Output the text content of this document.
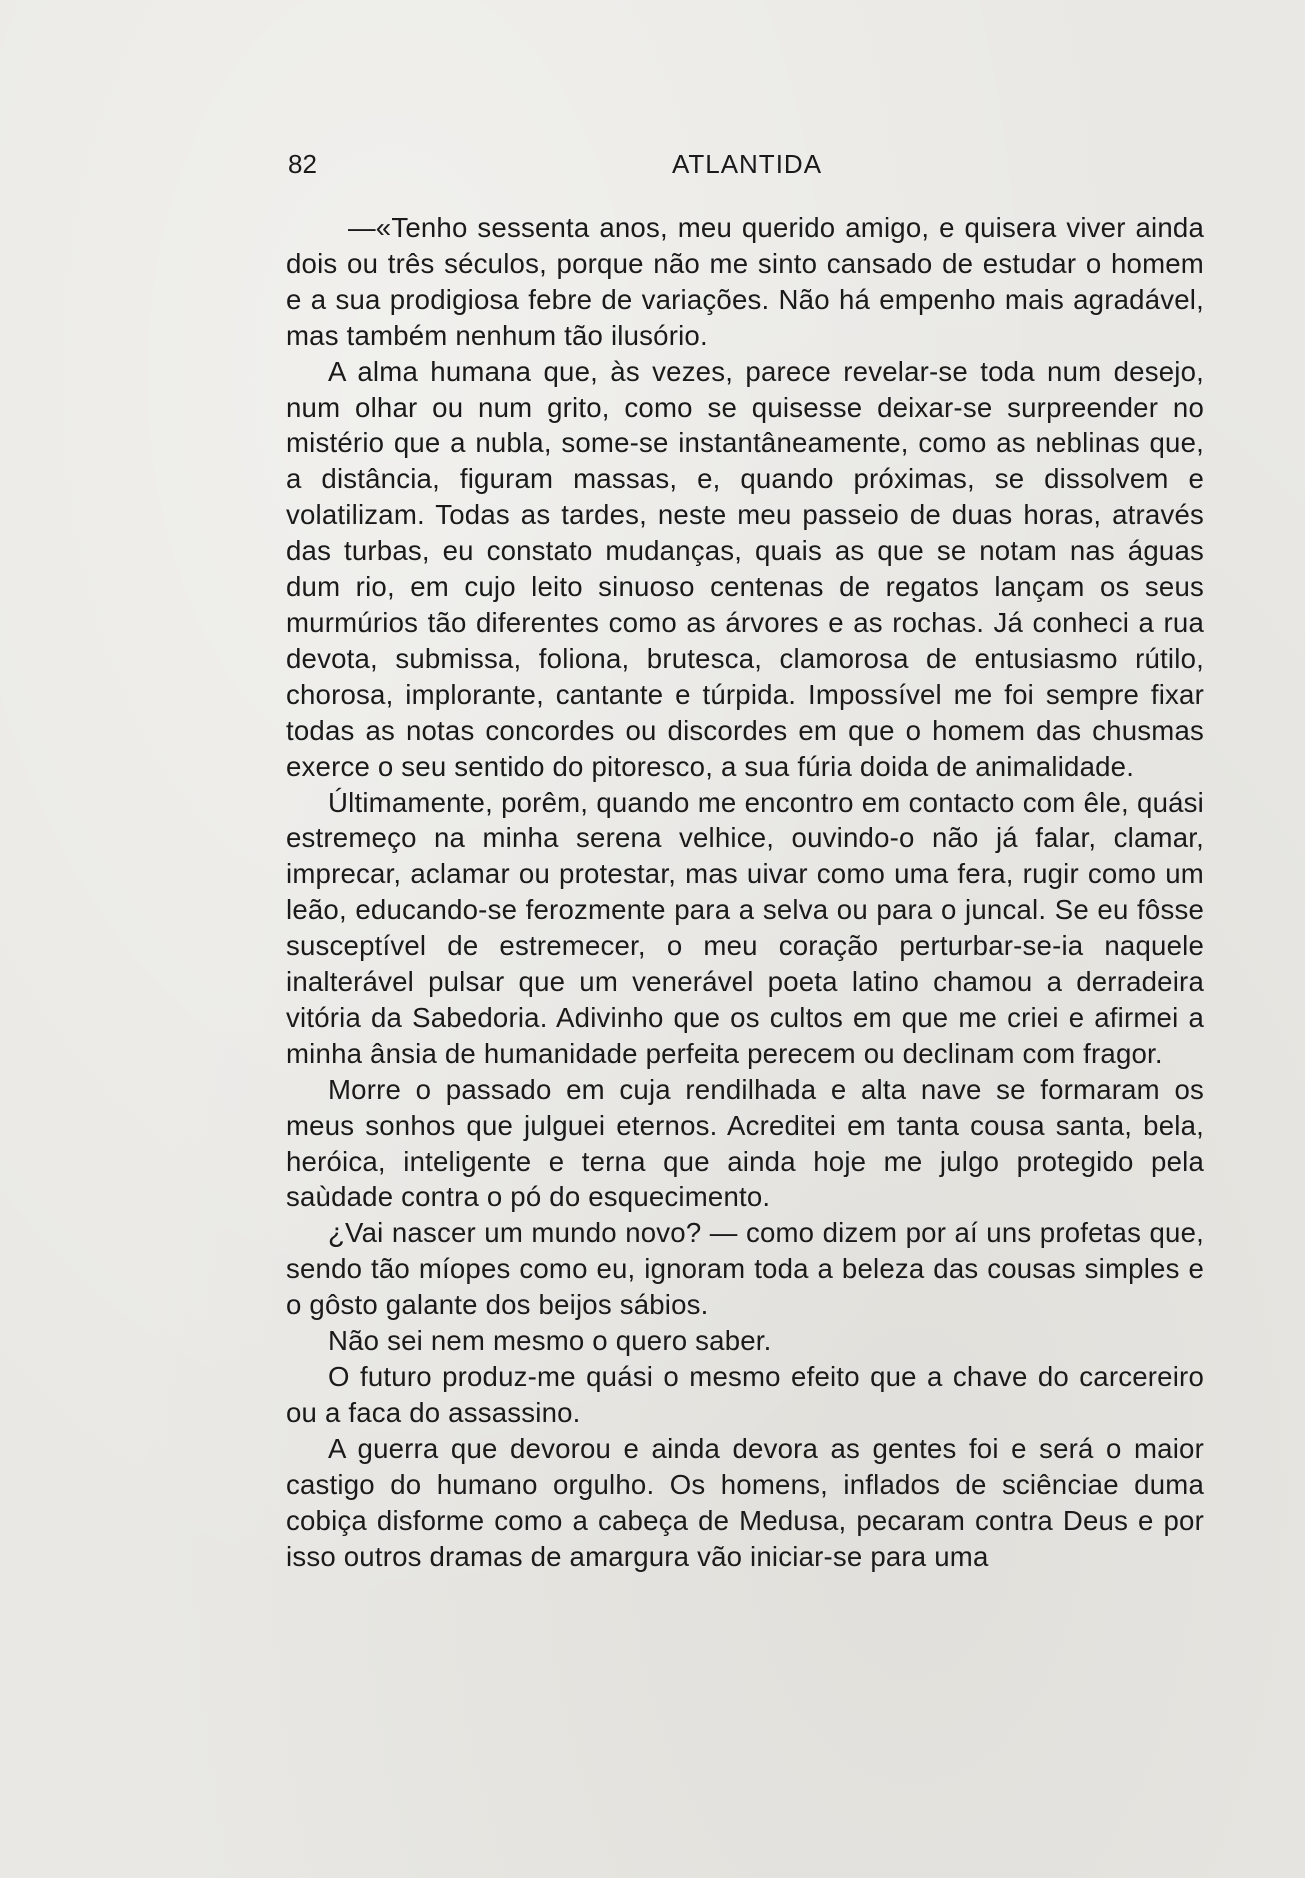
82	ATLANTIDA

—«Tenho sessenta anos, meu querido amigo, e quisera viver ainda dois ou três séculos, porque não me sinto cansado de estudar o homem e a sua prodigiosa febre de variações. Não há empenho mais agradável, mas também nenhum tão ilusório.

A alma humana que, às vezes, parece revelar-se toda num desejo, num olhar ou num grito, como se quisesse deixar-se surpreender no mistério que a nubla, some-se instantâneamente, como as neblinas que, a distância, figuram massas, e, quando próximas, se dissolvem e volatilizam. Todas as tardes, neste meu passeio de duas horas, através das turbas, eu constato mudanças, quais as que se notam nas águas dum rio, em cujo leito sinuoso centenas de regatos lançam os seus murmúrios tão diferentes como as árvores e as rochas. Já conheci a rua devota, submissa, foliona, brutesca, clamorosa de entusiasmo rútilo, chorosa, implorante, cantante e túrpida. Impossível me foi sempre fixar todas as notas concordes ou discordes em que o homem das chusmas exerce o seu sentido do pitoresco, a sua fúria doida de animalidade.

Últimamente, porêm, quando me encontro em contacto com êle, quási estremeço na minha serena velhice, ouvindo-o não já falar, clamar, imprecar, aclamar ou protestar, mas uivar como uma fera, rugir como um leão, educando-se ferozmente para a selva ou para o juncal. Se eu fôsse susceptível de estremecer, o meu coração perturbar-se-ia naquele inalterável pulsar que um venerável poeta latino chamou a derradeira vitória da Sabedoria. Adivinho que os cultos em que me criei e afirmei a minha ânsia de humanidade perfeita perecem ou declinam com fragor.

Morre o passado em cuja rendilhada e alta nave se formaram os meus sonhos que julguei eternos. Acreditei em tanta cousa santa, bela, heróica, inteligente e terna que ainda hoje me julgo protegido pela saùdade contra o pó do esquecimento.

¿Vai nascer um mundo novo? — como dizem por aí uns profetas que, sendo tão míopes como eu, ignoram toda a beleza das cousas simples e o gôsto galante dos beijos sábios.

Não sei nem mesmo o quero saber.

O futuro produz-me quási o mesmo efeito que a chave do carcereiro ou a faca do assassino.

A guerra que devorou e ainda devora as gentes foi e será o maior castigo do humano orgulho. Os homens, inflados de sciênciae duma cobiça disforme como a cabeça de Medusa, pecaram contra Deus e por isso outros dramas de amargura vão iniciar-se para uma
